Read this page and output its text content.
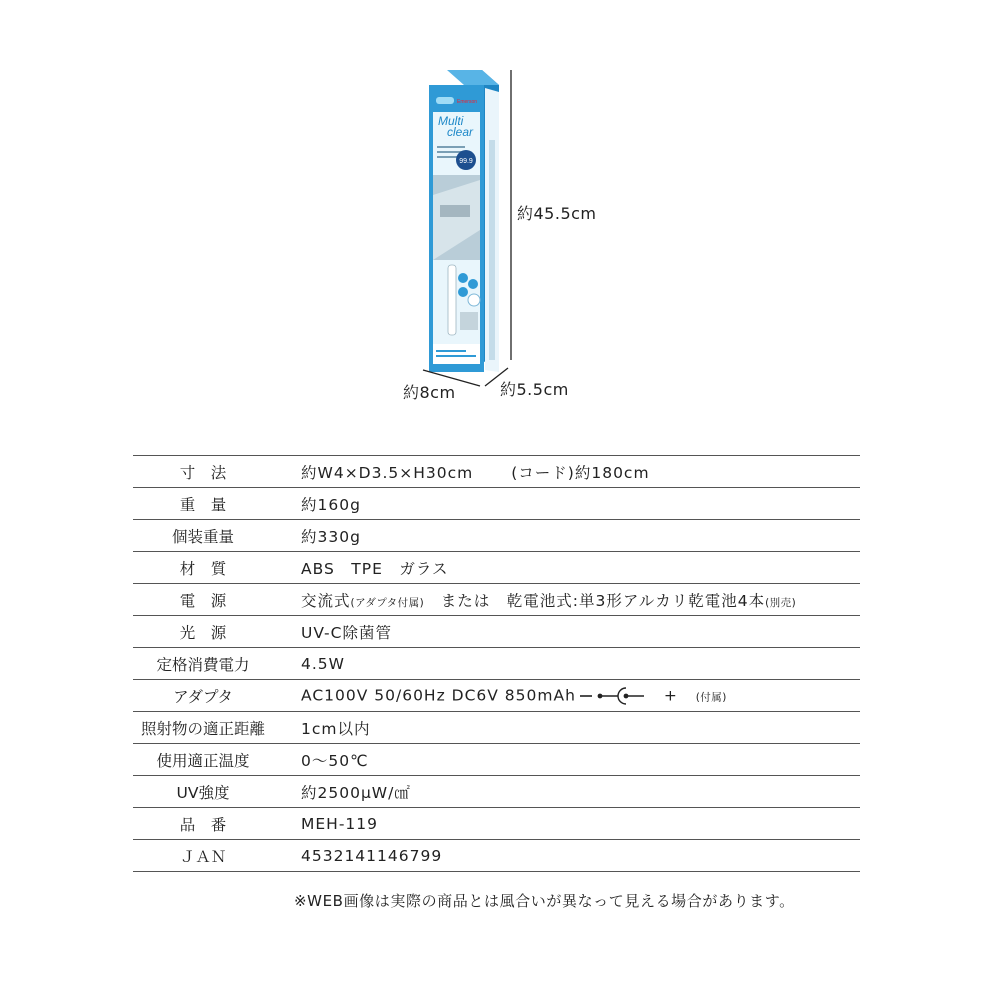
Emerson
Multi
clear
99.9
約45.5cm
約8cm	約5.5cm
寸　法	約W4×D3.5×H30cm (コード)約180cm
重　量	約160g
個装重量	約330g
材　質	ABS　TPE　ガラス
電　源	交流式(アダプタ付属)　または　乾電池式:単3形アルカリ乾電池4本(別売)
光　源	UV-C除菌管
定格消費電力	4.5W
アダプタ	AC100V 50/60Hz DC6V 850mAh + (付属)
照射物の適正距離	1cm以内
使用適正温度	0〜50℃
UV強度	約2500μW/㎠
品　番	MEH-119
ＪＡＮ	4532141146799
※WEB画像は実際の商品とは風合いが異なって見える場合があります。
